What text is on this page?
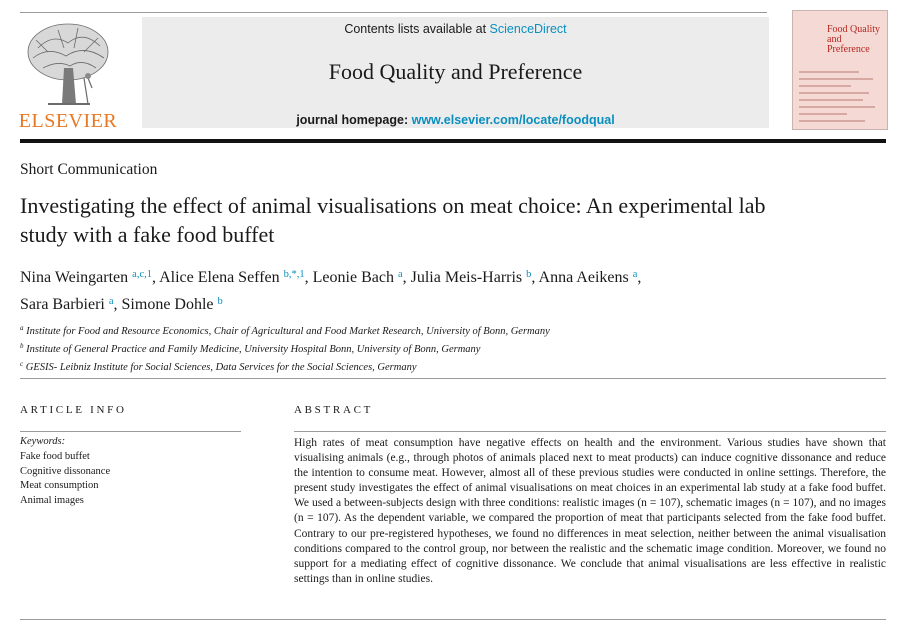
ELSEVIER
Contents lists available at ScienceDirect
Food Quality and Preference
journal homepage: www.elsevier.com/locate/foodqual
Food Quality and Preference
Short Communication
Investigating the effect of animal visualisations on meat choice: An experimental lab study with a fake food buffet
Nina Weingarten $^{a,c,1}$, Alice Elena Seffen $^{b,*,1}$, Leonie Bach $^a$, Julia Meis-Harris $^b$, Anna Aeikens $^a$,
Sara Barbieri $^a$, Simone Dohle $^b$
$^a$ Institute for Food and Resource Economics, Chair of Agricultural and Food Market Research, University of Bonn, Germany
$^b$ Institute of General Practice and Family Medicine, University Hospital Bonn, University of Bonn, Germany
$^c$ GESIS- Leibniz Institute for Social Sciences, Data Services for the Social Sciences, Germany
ARTICLE INFO
Keywords:
Fake food buffet
Cognitive dissonance
Meat consumption
Animal images
ABSTRACT
High rates of meat consumption have negative effects on health and the environment. Various studies have shown that visualising animals (e.g., through photos of animals placed next to meat products) can induce cognitive dissonance and reduce the intention to consume meat. However, almost all of these previous studies were conducted in online settings. Therefore, the present study investigates the effect of animal visualisations on meat choices in an experimental lab study at a fake food buffet. We used a between-subjects design with three conditions: realistic images (n = 107), schematic images (n = 107), and no images (n = 107). As the dependent variable, we compared the proportion of meat that participants selected from the fake food buffet. Contrary to our pre-registered hypotheses, we found no differences in meat selection, neither between the animal visualisation conditions compared to the control group, nor between the realistic and the schematic image condition. Moreover, we found no support for a mediating effect of cognitive dissonance. We conclude that animal visualisations are less effective in realistic settings than in online studies.
